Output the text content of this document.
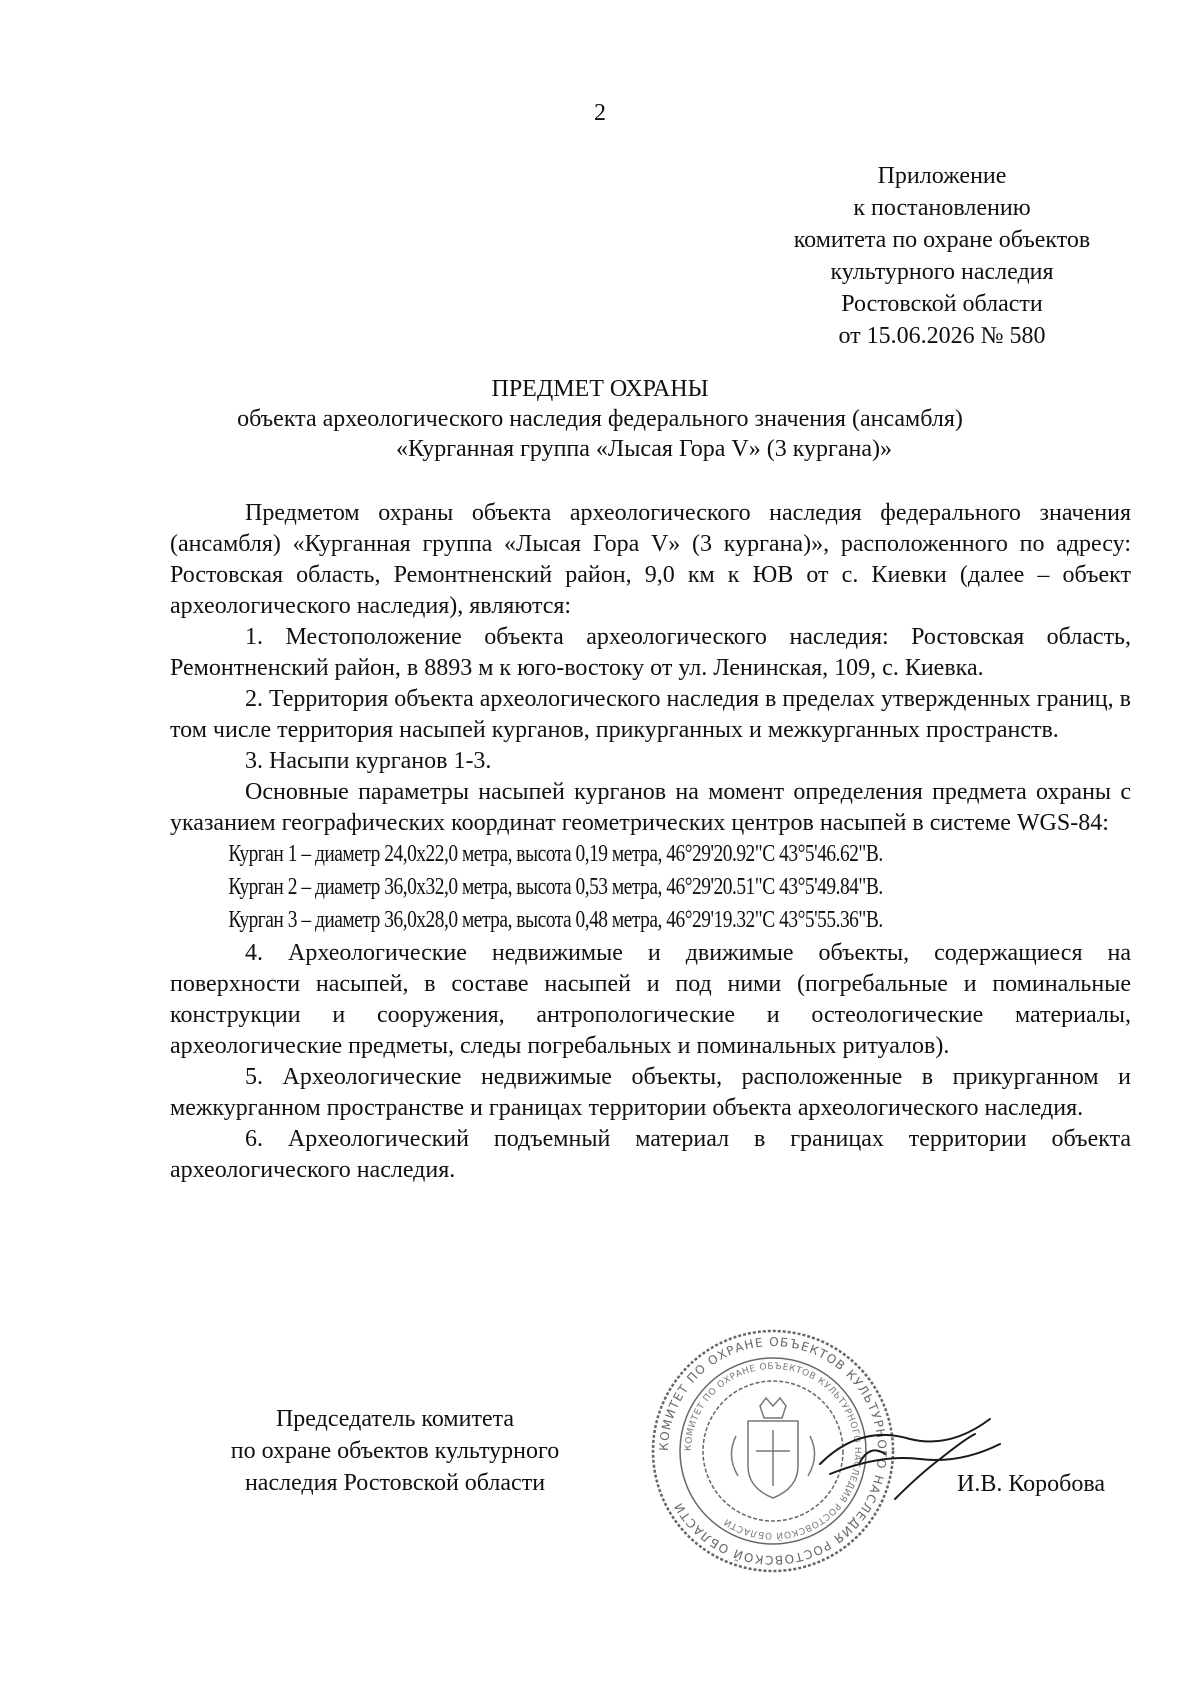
2
Приложение
к постановлению
комитета по охране объектов
культурного наследия
Ростовской области
от 15.06.2026 № 580
ПРЕДМЕТ ОХРАНЫ
объекта археологического наследия федерального значения (ансамбля)
«Курганная группа «Лысая Гора V» (3 кургана)»

Предметом охраны объекта археологического наследия федерального значения (ансамбля) «Курганная группа «Лысая Гора V» (3 кургана)», расположенного по адресу: Ростовская область, Ремонтненский район, 9,0 км к ЮВ от с. Киевки (далее – объект археологического наследия), являются:

1. Местоположение объекта археологического наследия: Ростовская область, Ремонтненский район, в 8893 м к юго-востоку от ул. Ленинская, 109, с. Киевка.

2. Территория объекта археологического наследия в пределах утвержденных границ, в том числе территория насыпей курганов, прикурганных и межкурганных пространств.

3. Насыпи курганов 1-3.

Основные параметры насыпей курганов на момент определения предмета охраны с указанием географических координат геометрических центров насыпей в системе WGS-84:

Курган 1 – диаметр 24,0х22,0 метра, высота 0,19 метра, 46°29'20.92"С 43°5'46.62"В.
Курган 2 – диаметр 36,0х32,0 метра, высота 0,53 метра, 46°29'20.51"С 43°5'49.84"В.
Курган 3 – диаметр 36,0х28,0 метра, высота 0,48 метра, 46°29'19.32"С 43°5'55.36"В.

4. Археологические недвижимые и движимые объекты, содержащиеся на поверхности насыпей, в составе насыпей и под ними (погребальные и поминальные конструкции и сооружения, антропологические и остеологические материалы, археологические предметы, следы погребальных и поминальных ритуалов).

5. Археологические недвижимые объекты, расположенные в прикурганном и межкурганном пространстве и границах территории объекта археологического наследия.

6. Археологический подъемный материал в границах территории объекта археологического наследия.

Председатель комитета
по охране объектов культурного
наследия Ростовской области
КОМИТЕТ ПО ОХРАНЕ ОБЪЕКТОВ КУЛЬТУРНОГО НАСЛЕДИЯ РОСТОВСКОЙ ОБЛАСТИ
КОМИТЕТ ПО ОХРАНЕ ОБЪЕКТОВ КУЛЬТУРНОГО НАСЛЕДИЯ РОСТОВСКОЙ ОБЛАСТИ
И.В. Коробова
